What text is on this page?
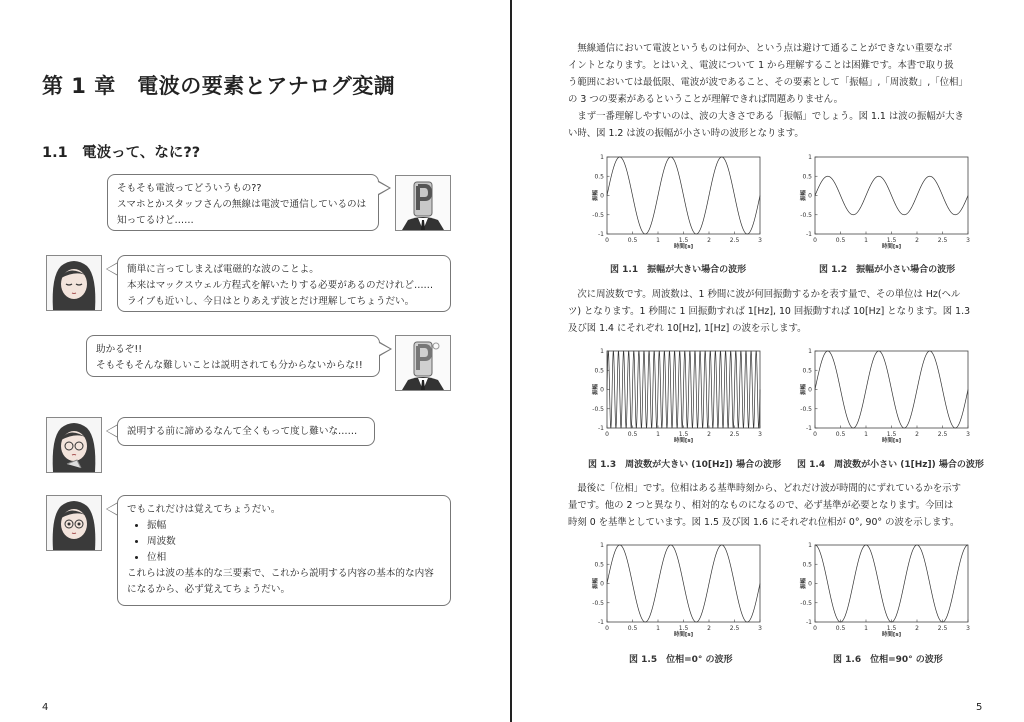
第 1 章　電波の要素とアナログ変調
1.1　電波って、なに??
そもそも電波ってどういうもの??
スマホとかスタッフさんの無線は電波で通信しているのは
知ってるけど……
簡単に言ってしまえば電磁的な波のことよ。
本来はマックスウェル方程式を解いたりする必要があるのだけれど……
ライブも近いし、今日はとりあえず波とだけ理解してちょうだい。
助かるぞ!!
そもそもそんな難しいことは説明されても分からないからな!!
説明する前に諦めるなんて全くもって度し難いな……
でもこれだけは覚えてちょうだい。
• 振幅
• 周波数
• 位相
これらは波の基本的な三要素で、これから説明する内容の基本的な内容
になるから、必ず覚えてちょうだい。
4
　無線通信において電波というものは何か、という点は避けて通ることができない重要なポ
イントとなります。とはいえ、電波について 1 から理解することは困難です。本書で取り扱
う範囲においては最低限、電波が波であること、その要素として「振幅」,「周波数」,「位相」
の 3 つの要素があるということが理解できれば問題ありません。
　まず一番理解しやすいのは、波の大きさである「振幅」でしょう。図 1.1 は波の振幅が大き
い時、図 1.2 は波の振幅が小さい時の波形となります。
　次に周波数です。周波数は、1 秒間に波が何回振動するかを表す量で、その単位は Hz(ヘル
ツ) となります。1 秒間に 1 回振動すれば 1[Hz], 10 回振動すれば 10[Hz] となります。図 1.3
及び図 1.4 にそれぞれ 10[Hz], 1[Hz] の波を示します。
　最後に「位相」です。位相はある基準時刻から、どれだけ波が時間的にずれているかを示す
量です。他の 2 つと異なり、相対的なものになるので、必ず基準が必要となります。今回は
時刻 0 を基準としています。図 1.5 及び図 1.6 にそれぞれ位相が 0°, 90° の波を示します。
0	0.5	1	1.5	2	2.5	3
1
0.5
0
-0.5
-1
時間[s]
振幅
図 1.1　振幅が大きい場合の波形
0	0.5	1	1.5	2	2.5	3
1
0.5
0
-0.5
-1
時間[s]
振幅
図 1.2　振幅が小さい場合の波形
0	0.5	1	1.5	2	2.5	3
1
0.5
0
-0.5
-1
時間[s]
振幅
図 1.3　周波数が大きい (10[Hz]) 場合の波形
0	0.5	1	1.5	2	2.5	3
1
0.5
0
-0.5
-1
時間[s]
振幅
図 1.4　周波数が小さい (1[Hz]) 場合の波形
0	0.5	1	1.5	2	2.5	3
1
0.5
0
-0.5
-1
時間[s]
振幅
図 1.5　位相=0° の波形
0	0.5	1	1.5	2	2.5	3
1
0.5
0
-0.5
-1
時間[s]
振幅
図 1.6　位相=90° の波形
5
